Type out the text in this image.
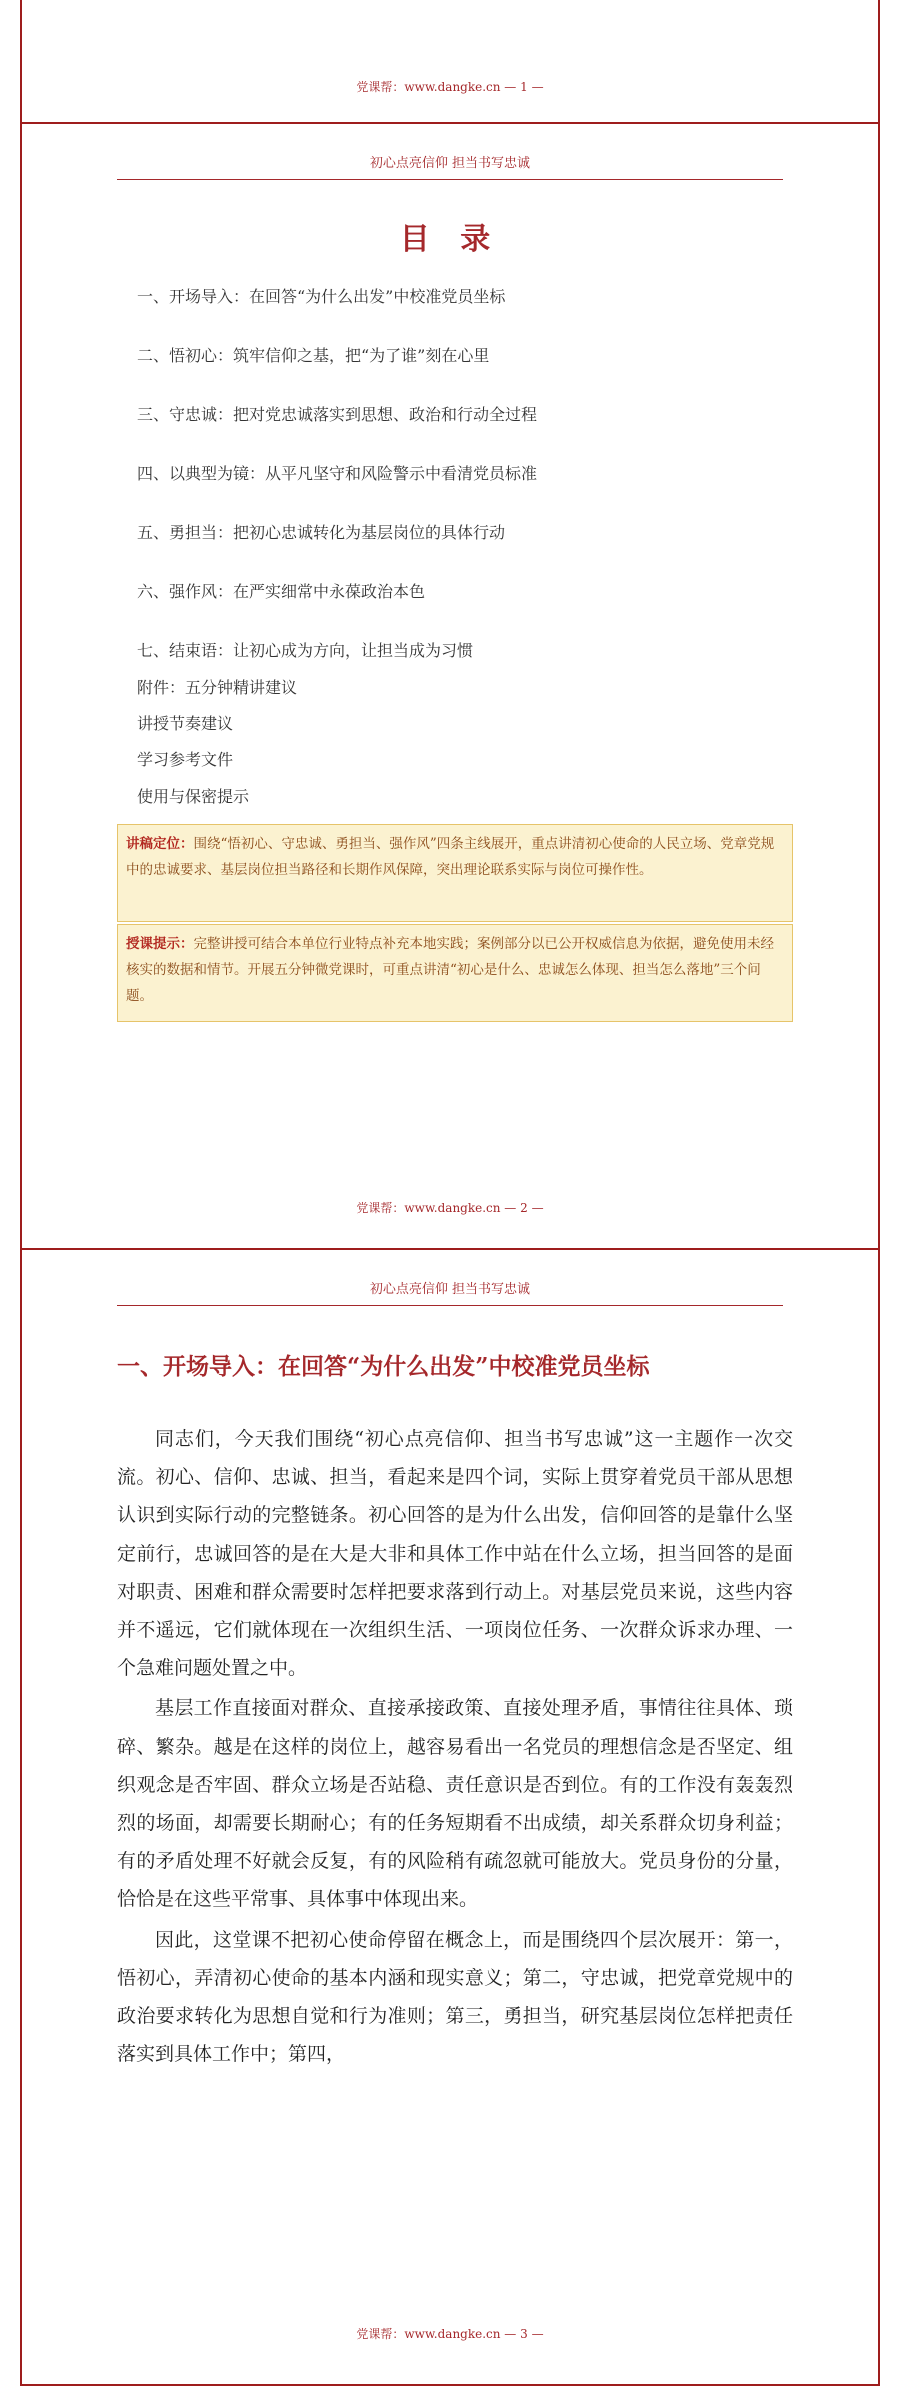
党课帮：www.dangke.cn — 1 —
初心点亮信仰 担当书写忠诚
目 录
一、开场导入：在回答“为什么出发”中校准党员坐标
二、悟初心：筑牢信仰之基，把“为了谁”刻在心里
三、守忠诚：把对党忠诚落实到思想、政治和行动全过程
四、以典型为镜：从平凡坚守和风险警示中看清党员标准
五、勇担当：把初心忠诚转化为基层岗位的具体行动
六、强作风：在严实细常中永葆政治本色
七、结束语：让初心成为方向，让担当成为习惯
附件：五分钟精讲建议
讲授节奏建议
学习参考文件
使用与保密提示
讲稿定位：围绕“悟初心、守忠诚、勇担当、强作风”四条主线展开，重点讲清初心使命的人民立场、党章党规中的忠诚要求、基层岗位担当路径和长期作风保障，突出理论联系实际与岗位可操作性。
授课提示：完整讲授可结合本单位行业特点补充本地实践；案例部分以已公开权威信息为依据，避免使用未经核实的数据和情节。开展五分钟微党课时，可重点讲清“初心是什么、忠诚怎么体现、担当怎么落地”三个问题。
党课帮：www.dangke.cn — 2 —
初心点亮信仰 担当书写忠诚
一、开场导入：在回答“为什么出发”中校准党员坐标

同志们，今天我们围绕“初心点亮信仰、担当书写忠诚”这一主题作一次交流。初心、信仰、忠诚、担当，看起来是四个词，实际上贯穿着党员干部从思想认识到实际行动的完整链条。初心回答的是为什么出发，信仰回答的是靠什么坚定前行，忠诚回答的是在大是大非和具体工作中站在什么立场，担当回答的是面对职责、困难和群众需要时怎样把要求落到行动上。对基层党员来说，这些内容并不遥远，它们就体现在一次组织生活、一项岗位任务、一次群众诉求办理、一个急难问题处置之中。

基层工作直接面对群众、直接承接政策、直接处理矛盾，事情往往具体、琐碎、繁杂。越是在这样的岗位上，越容易看出一名党员的理想信念是否坚定、组织观念是否牢固、群众立场是否站稳、责任意识是否到位。有的工作没有轰轰烈烈的场面，却需要长期耐心；有的任务短期看不出成绩，却关系群众切身利益；有的矛盾处理不好就会反复，有的风险稍有疏忽就可能放大。党员身份的分量，恰恰是在这些平常事、具体事中体现出来。

因此，这堂课不把初心使命停留在概念上，而是围绕四个层次展开：第一，悟初心，弄清初心使命的基本内涵和现实意义；第二，守忠诚，把党章党规中的政治要求转化为思想自觉和行为准则；第三，勇担当，研究基层岗位怎样把责任落实到具体工作中；第四，

党课帮：www.dangke.cn — 3 —
